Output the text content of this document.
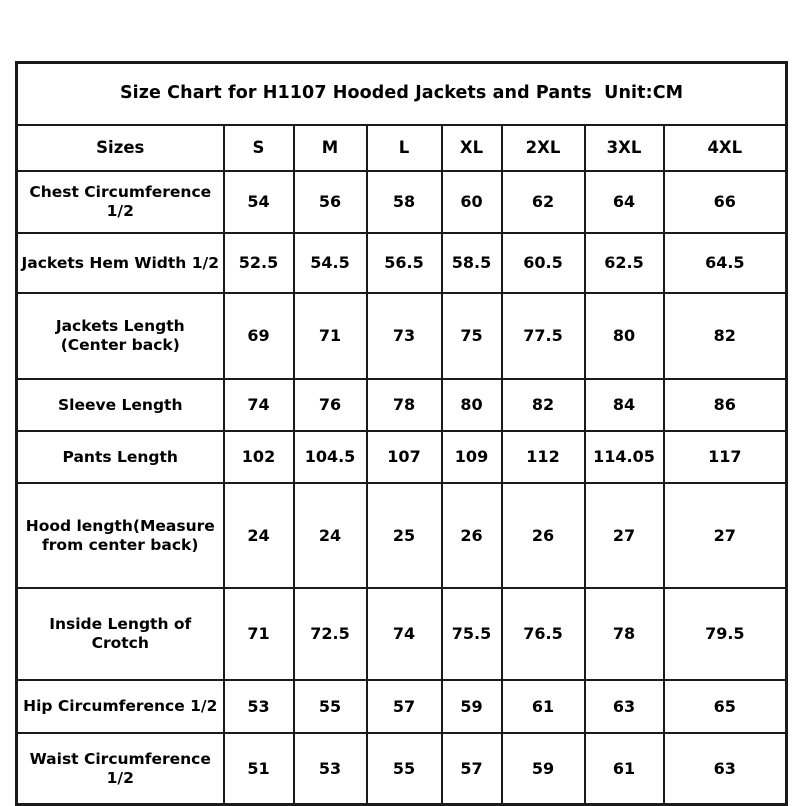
Size Chart for H1107 Hooded Jackets and Pants  Unit:CM							
Sizes	S	M	L	XL	2XL	3XL	4XL
Chest Circumference 1/2	54	56	58	60	62	64	66
Jackets Hem Width 1/2	52.5	54.5	56.5	58.5	60.5	62.5	64.5
Jackets Length (Center back)	69	71	73	75	77.5	80	82
Sleeve Length	74	76	78	80	82	84	86
Pants Length	102	104.5	107	109	112	114.05	117
Hood length(Measure from center back)	24	24	25	26	26	27	27
Inside Length of Crotch	71	72.5	74	75.5	76.5	78	79.5
Hip Circumference 1/2	53	55	57	59	61	63	65
Waist Circumference 1/2	51	53	55	57	59	61	63
